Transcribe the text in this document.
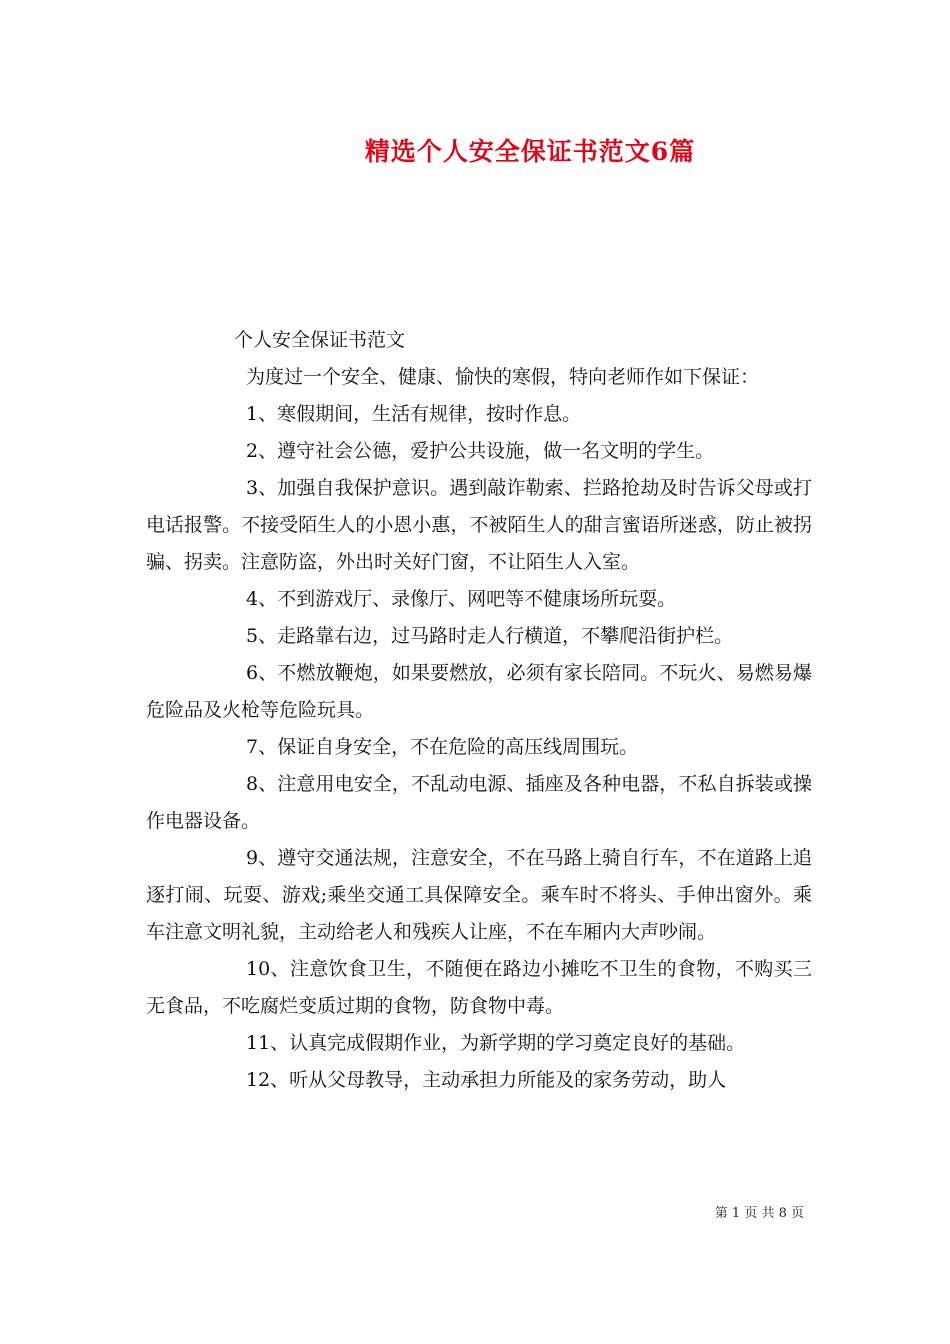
精选个人安全保证书范文6篇

个人安全保证书范文

为度过一个安全、健康、愉快的寒假，特向老师作如下保证：

1、寒假期间，生活有规律，按时作息。

2、遵守社会公德，爱护公共设施，做一名文明的学生。

3、加强自我保护意识。遇到敲诈勒索、拦路抢劫及时告诉父母或打电话报警。不接受陌生人的小恩小惠，不被陌生人的甜言蜜语所迷惑，防止被拐骗、拐卖。注意防盗，外出时关好门窗，不让陌生人入室。

4、不到游戏厅、录像厅、网吧等不健康场所玩耍。

5、走路靠右边，过马路时走人行横道，不攀爬沿街护栏。

6、不燃放鞭炮，如果要燃放，必须有家长陪同。不玩火、易燃易爆危险品及火枪等危险玩具。

7、保证自身安全，不在危险的高压线周围玩。

8、注意用电安全，不乱动电源、插座及各种电器，不私自拆装或操作电器设备。

9、遵守交通法规，注意安全，不在马路上骑自行车，不在道路上追逐打闹、玩耍、游戏;乘坐交通工具保障安全。乘车时不将头、手伸出窗外。乘车注意文明礼貌，主动给老人和残疾人让座，不在车厢内大声吵闹。

10、注意饮食卫生，不随便在路边小摊吃不卫生的食物，不购买三无食品，不吃腐烂变质过期的食物，防食物中毒。

11、认真完成假期作业，为新学期的学习奠定良好的基础。

12、听从父母教导，主动承担力所能及的家务劳动，助人

第 1 页 共 8 页
